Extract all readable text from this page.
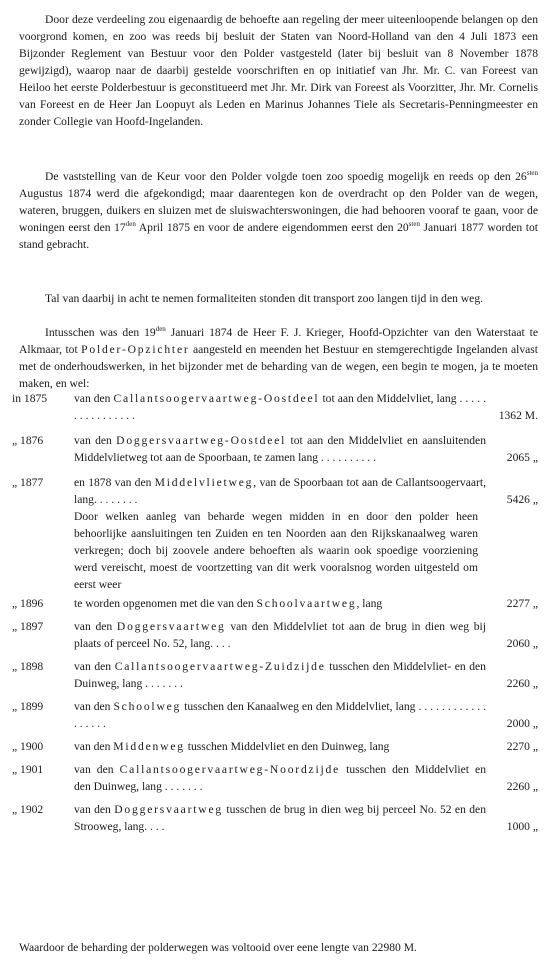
Door deze verdeeling zou eigenaardig de behoefte aan regeling der meer uiteenloopende belangen op den voorgrond komen, en zoo was reeds bij besluit der Staten van Noord-Holland van den 4 Juli 1873 een Bijzonder Reglement van Bestuur voor den Polder vastgesteld (later bij besluit van 8 November 1878 gewijzigd), waarop naar de daarbij gestelde voorschriften en op initiatief van Jhr. Mr. C. van Foreest van Heiloo het eerste Polderbestuur is geconstitueerd met Jhr. Mr. Dirk van Foreest als Voorzitter, Jhr. Mr. Cornelis van Foreest en de Heer Jan Loopuyt als Leden en Marinus Johannes Tiele als Secretaris-Penningmeester en zonder Collegie van Hoofd-Ingelanden.

De vaststelling van de Keur voor den Polder volgde toen zoo spoedig mogelijk en reeds op den $26^{sten}$ Augustus 1874 werd die afgekondigd; maar daarentegen kon de overdracht op den Polder van de wegen, wateren, bruggen, duikers en sluizen met de sluiswachterswoningen, die had behooren vooraf te gaan, voor de woningen eerst den $17^{den}$ April 1875 en voor de andere eigendommen eerst den $20^{sten}$ Januari 1877 worden tot stand gebracht.

Tal van daarbij in acht te nemen formaliteiten stonden dit transport zoo langen tijd in den weg.

Intusschen was den $19^{den}$ Januari 1874 de Heer F. J. Krieger, Hoofd-Opzichter van den Waterstaat te Alkmaar, tot Polder-Opzichter aangesteld en meenden het Bestuur en stemgerechtigde Ingelanden alvast met de onderhoudswerken, in het bijzonder met de beharding van de wegen, een begin te mogen, ja te moeten maken, en wel:

in 1875	van den Callantsoogervaartweg-Oostdeel tot aan den Middelvliet, lang . . . . . . . . . . . . . . . .	1362 M.
„ 1876	van den Doggersvaartweg-Oostdeel tot aan den Middelvliet en aansluitenden Middelvlietweg tot aan de Spoorbaan, te zamen lang . . . . . . . . . .	2065 „
„ 1877	en 1878 van den Middelvlietweg, van de Spoorbaan tot aan de Callantsoogervaart, lang. . . . . . . .	5426 „

Door welken aanleg van beharde wegen midden in en door den polder heen behoorlijke aansluitingen ten Zuiden en ten Noorden aan den Rijkskanaalweg waren verkregen; doch bij zoovele andere behoeften als waarin ook spoedige voorziening werd vereischt, moest de voortzetting van dit werk vooralsnog worden uitgesteld om eerst weer

„ 1896	te worden opgenomen met die van den Schoolvaartweg, lang	2277 „
„ 1897	van den Doggersvaartweg van den Middelvliet tot aan de brug in dien weg bij plaats of perceel No. 52, lang. . . .	2060 „
„ 1898	van den Callantsoogervaartweg-Zuidzijde tusschen den Middelvliet- en den Duinweg, lang . . . . . . .	2260 „
„ 1899	van den Schoolweg tusschen den Kanaalweg en den Middelvliet, lang . . . . . . . . . . . . . . . . . .	2000 „
„ 1900	van den Middenweg tusschen Middelvliet en den Duinweg, lang	2270 „
„ 1901	van den Callantsoogervaartweg-Noordzijde tusschen den Middelvliet en den Duinweg, lang . . . . . . .	2260 „
„ 1902	van den Doggersvaartweg tusschen de brug in dien weg bij perceel No. 52 en den Strooweg, lang. . . .	1000 „

Waardoor de beharding der polderwegen was voltooid over eene lengte van 22980 M.
